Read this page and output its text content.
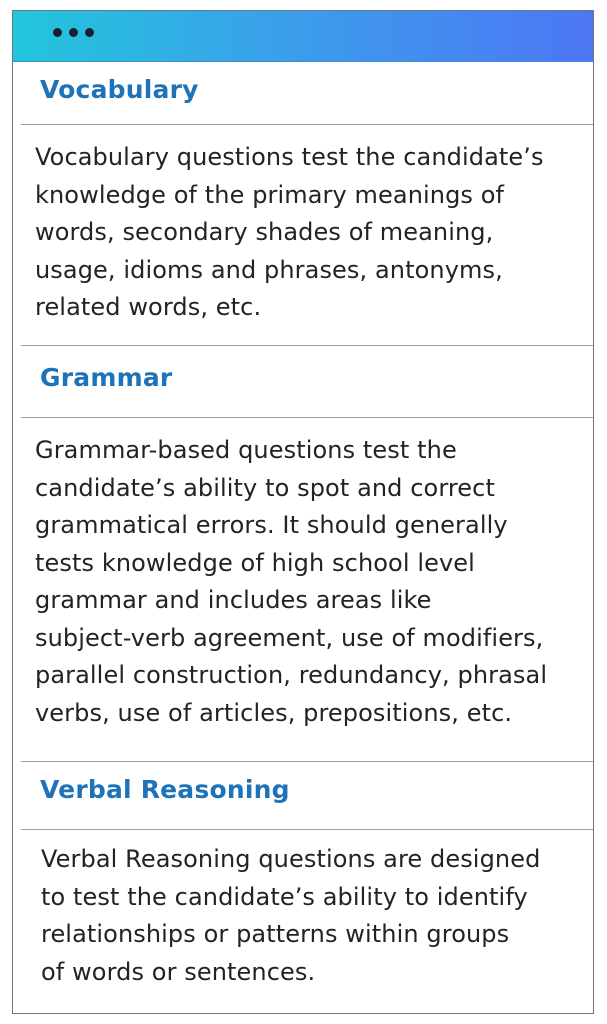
Vocabulary

Vocabulary questions test the candidate’s
knowledge of the primary meanings of
words, secondary shades of meaning,
usage, idioms and phrases, antonyms,
related words, etc.

Grammar

Grammar-based questions test the
candidate’s ability to spot and correct
grammatical errors. It should generally
tests knowledge of high school level
grammar and includes areas like
subject-verb agreement, use of modifiers,
parallel construction, redundancy, phrasal
verbs, use of articles, prepositions, etc.

Verbal Reasoning

Verbal Reasoning questions are designed
to test the candidate’s ability to identify
relationships or patterns within groups
of words or sentences.
